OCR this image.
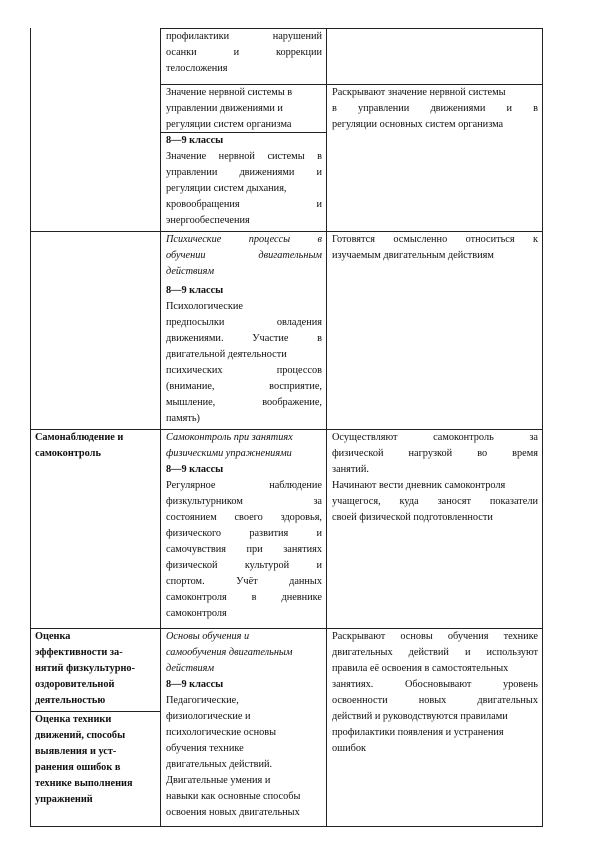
профилактики нарушений

осанки и коррекции

телосложения

Значение нервной системы в

управлении движениями и

регуляции систем организма

Раскрывают значение нервной системы

в управлении движениями и в

регуляции основных систем организма

8—9 классы

Значение нервной системы в

управлении движениями и

регуляции систем дыхания,

кровообращения и

энергообеспечения

Психические процессы в

обучении двигательным

действиям

8—9 классы

Психологические

предпосылки овладения

движениями. Участие в

двигательной деятельности

психических процессов

(внимание, восприятие,

мышление, воображение,

память)

Готовятся осмысленно относиться к

изучаемым двигательным действиям

Самонаблюдение и

самоконтроль

Самоконтроль при занятиях

физическими упражнениями

8—9 классы

Регулярное наблюдение

физкультурником за

состоянием своего здоровья,

физического развития и

самочувствия при занятиях

физической культурой и

спортом. Учёт данных

самоконтроля в дневнике

самоконтроля

Осуществляют самоконтроль за

физической нагрузкой во время

занятий.

Начинают вести дневник самоконтроля

учащегося, куда заносят показатели

своей физической подготовленности

Оценка

эффективности за-

нятий физкультурно-

оздоровительной

деятельностью

Оценка техники

движений, способы

выявления и уст-

ранения ошибок в

технике выполнения

упражнений

Основы обучения и

самообучения двигательным

действиям

8—9 классы

Педагогические,

физиологические и

психологические основы

обучения технике

двигательных действий.

Двигательные умения и

навыки как основные способы

освоения новых двигательных

Раскрывают основы обучения технике

двигательных действий и используют

правила её освоения в самостоятельных

занятиях. Обосновывают уровень

освоенности новых двигательных

действий и руководствуются правилами

профилактики появления и устранения

ошибок
